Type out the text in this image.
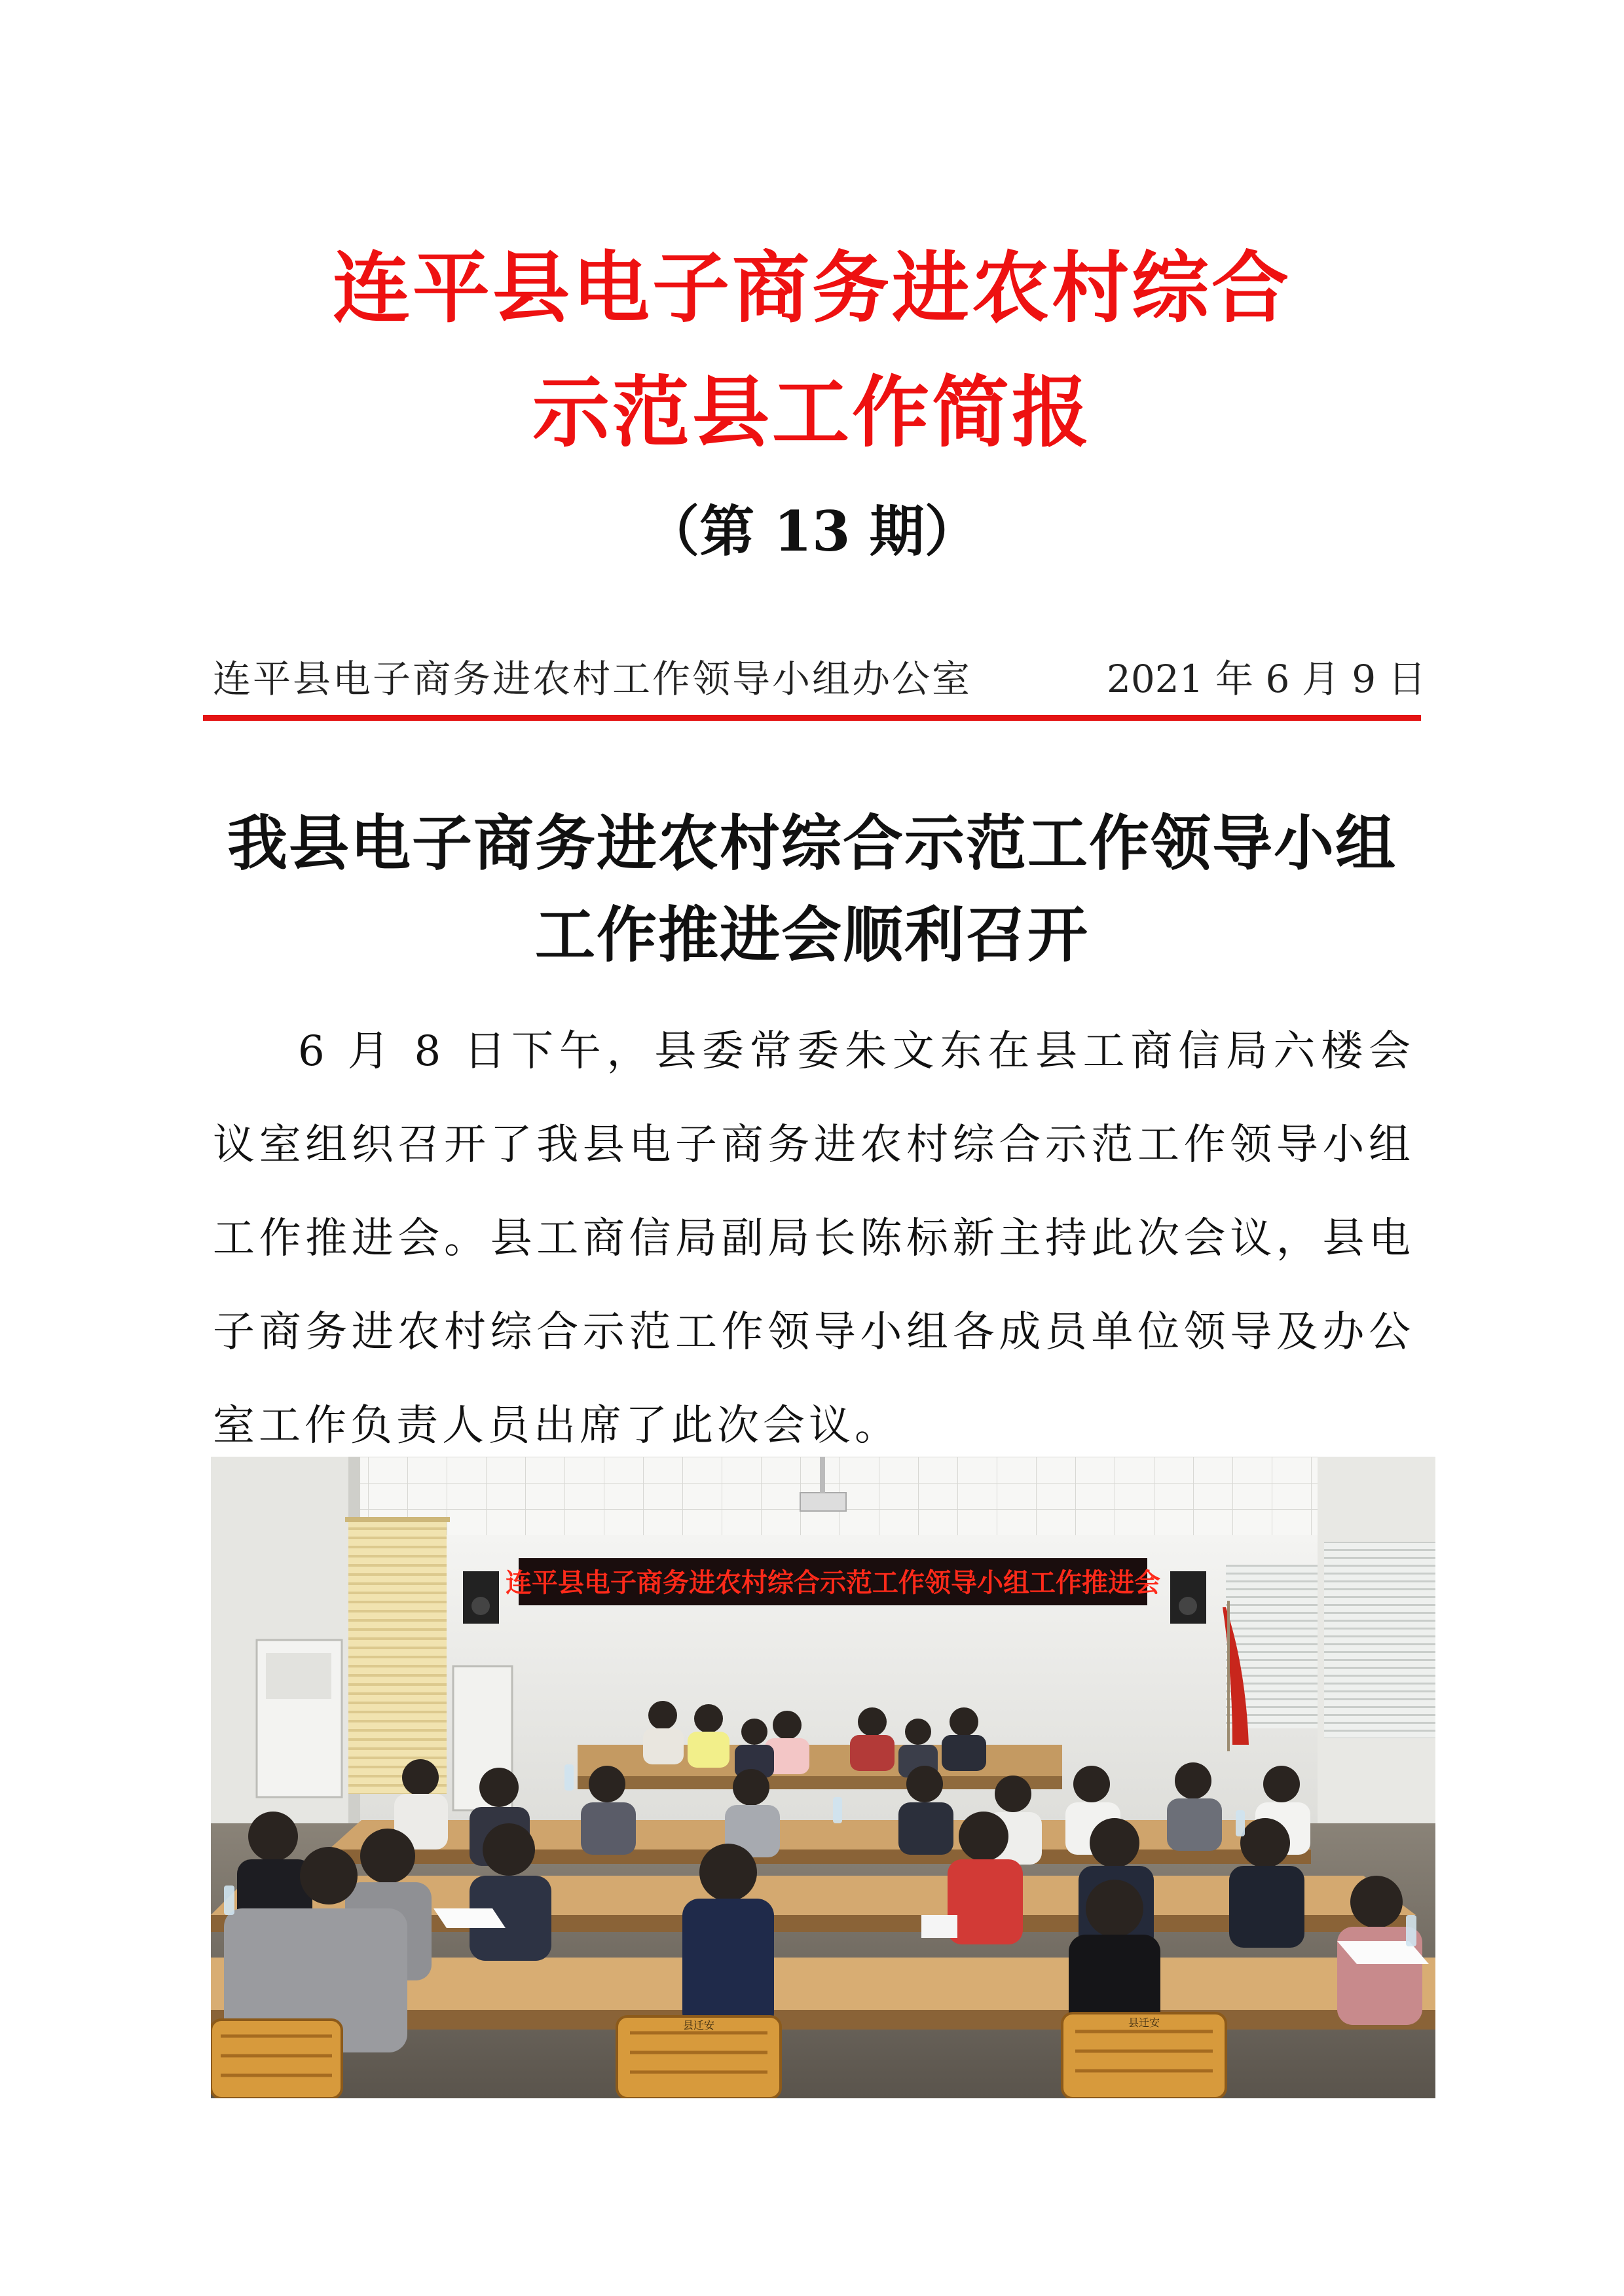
连平县电子商务进农村综合
示范县工作简报
（第 13 期）
连平县电子商务进农村工作领导小组办公室	2021 年 6 月 9 日
我县电子商务进农村综合示范工作领导小组
工作推进会顺利召开
6 月 8 日下午，县委常委朱文东在县工商信局六楼会议室组织召开了我县电子商务进农村综合示范工作领导小组工作推进会。县工商信局副局长陈标新主持此次会议，县电子商务进农村综合示范工作领导小组各成员单位领导及办公室工作负责人员出席了此次会议。
连平县电子商务进农村综合示范工作领导小组工作推进会
县迁安	县迁安
